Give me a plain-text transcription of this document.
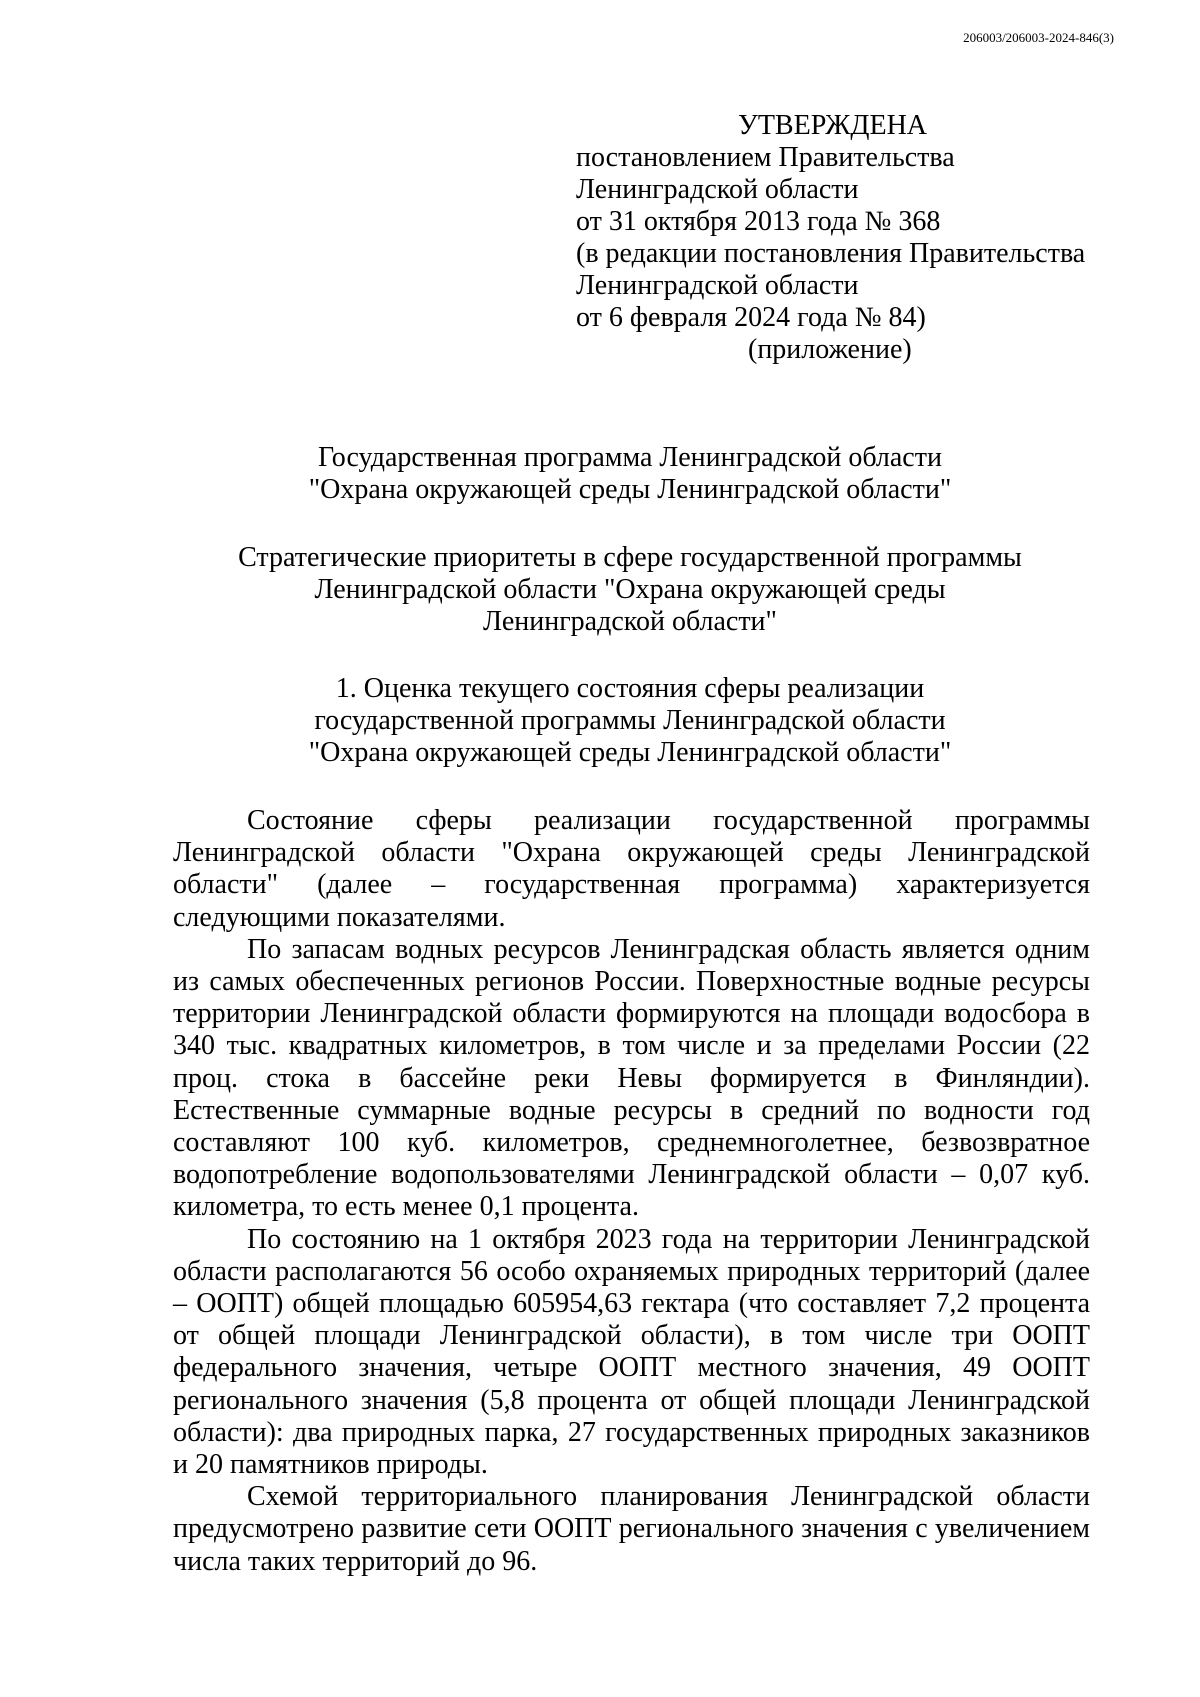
206003/206003-2024-846(3)
УТВЕРЖДЕНА
постановлением Правительства
Ленинградской области
от 31 октября 2013 года № 368
(в редакции постановления Правительства
Ленинградской области
от 6 февраля 2024 года № 84)
(приложение)
Государственная программа Ленинградской области
"Охрана окружающей среды Ленинградской области"
Стратегические приоритеты в сфере государственной программы
Ленинградской области "Охрана окружающей среды
Ленинградской области"
1. Оценка текущего состояния сферы реализации
государственной программы Ленинградской области
"Охрана окружающей среды Ленинградской области"

Состояние сферы реализации государственной программы Ленинградской области "Охрана окружающей среды Ленинградской области" (далее – государственная программа) характеризуется следующими показателями.

По запасам водных ресурсов Ленинградская область является одним из самых обеспеченных регионов России. Поверхностные водные ресурсы территории Ленинградской области формируются на площади водосбора в 340 тыс. квадратных километров, в том числе и за пределами России (22 проц. стока в бассейне реки Невы формируется в Финляндии). Естественные суммарные водные ресурсы в средний по водности год составляют 100 куб. километров, среднемноголетнее, безвозвратное водопотребление водопользователями Ленинградской области – 0,07 куб. километра, то есть менее 0,1 процента.

По состоянию на 1 октября 2023 года на территории Ленинградской области располагаются 56 особо охраняемых природных территорий (далее – ООПТ) общей площадью 605954,63 гектара (что составляет 7,2 процента от общей площади Ленинградской области), в том числе три ООПТ федерального значения, четыре ООПТ местного значения, 49 ООПТ регионального значения (5,8 процента от общей площади Ленинградской области): два природных парка, 27 государственных природных заказников и 20 памятников природы.

Схемой территориального планирования Ленинградской области предусмотрено развитие сети ООПТ регионального значения с увеличением числа таких территорий до 96.
